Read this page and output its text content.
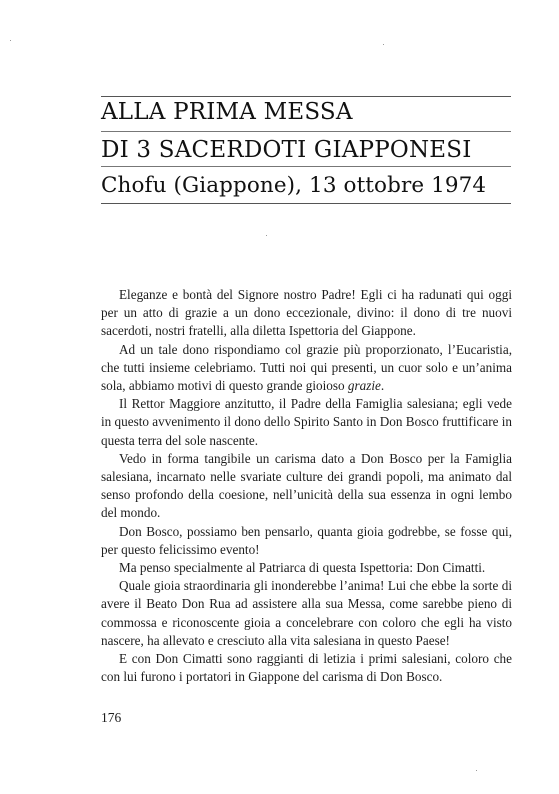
ALLA PRIMA MESSA
DI 3 SACERDOTI GIAPPONESI
Chofu (Giappone), 13 ottobre 1974

Eleganze e bontà del Signore nostro Padre! Egli ci ha radunati qui oggi per un atto di grazie a un dono eccezionale, divino: il dono di tre nuovi sacerdoti, nostri fratelli, alla diletta Ispettoria del Giappone.

Ad un tale dono rispondiamo col grazie più proporzionato, l’Eucaristia, che tutti insieme celebriamo. Tutti noi qui presenti, un cuor solo e un’anima sola, abbiamo motivi di questo grande gioioso grazie.

Il Rettor Maggiore anzitutto, il Padre della Famiglia salesiana; egli vede in questo avvenimento il dono dello Spirito Santo in Don Bosco fruttificare in questa terra del sole nascente.

Vedo in forma tangibile un carisma dato a Don Bosco per la Famiglia salesiana, incarnato nelle svariate culture dei grandi popoli, ma animato dal senso profondo della coesione, nell’unicità della sua essenza in ogni lembo del mondo.

Don Bosco, possiamo ben pensarlo, quanta gioia godrebbe, se fosse qui, per questo felicissimo evento!

Ma penso specialmente al Patriarca di questa Ispettoria: Don Cimatti.

Quale gioia straordinaria gli inonderebbe l’anima! Lui che ebbe la sorte di avere il Beato Don Rua ad assistere alla sua Messa, come sarebbe pieno di commossa e riconoscente gioia a concelebrare con coloro che egli ha visto nascere, ha allevato e cresciuto alla vita salesiana in questo Paese!

E con Don Cimatti sono raggianti di letizia i primi salesiani, coloro che con lui furono i portatori in Giappone del carisma di Don Bosco.

176
